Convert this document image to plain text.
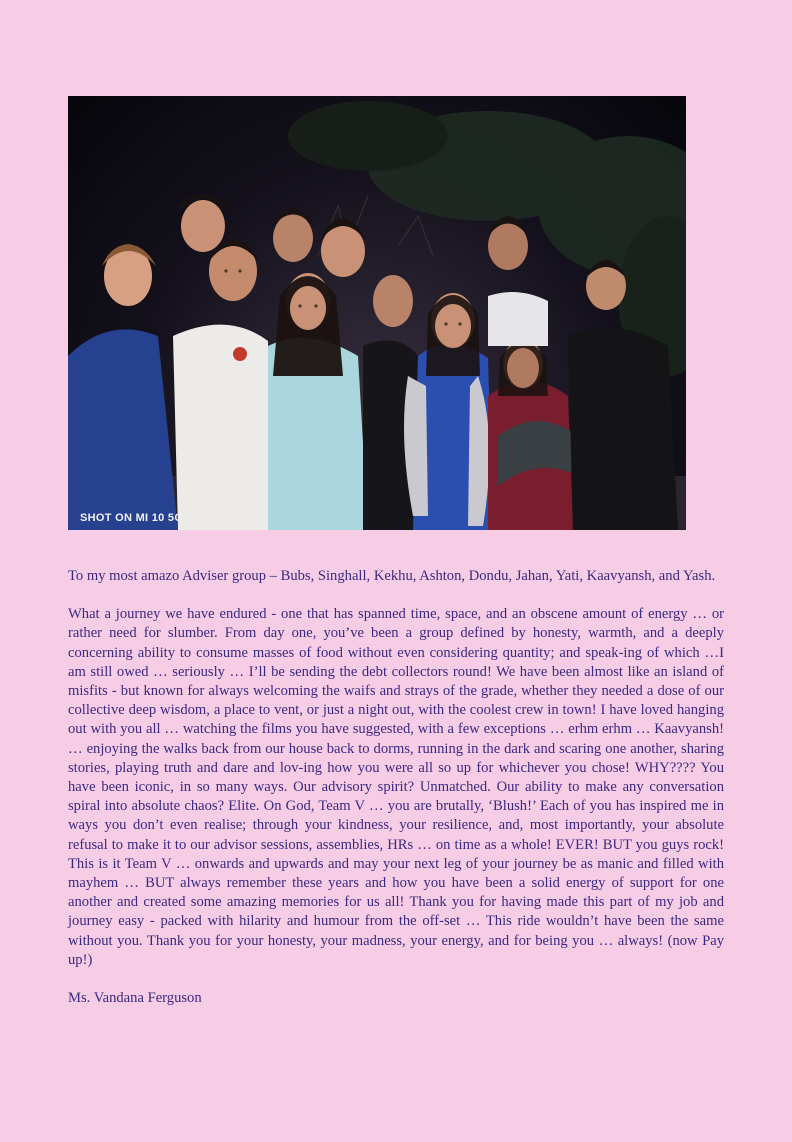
SHOT ON MI 10 5G

To my most amazo Adviser group – Bubs, Singhall, Kekhu, Ashton, Dondu, Jahan, Yati, Kaavyansh, and Yash.

What a journey we have endured - one that has spanned time, space, and an obscene amount of energy … or rather need for slumber. From day one, you’ve been a group defined by honesty, warmth, and a deeply concerning ability to consume masses of food without even considering quantity; and speak-ing of which …I am still owed … seriously … I’ll be sending the debt collectors round! We have been almost like an island of misfits - but known for always welcoming the waifs and strays of the grade, whether they needed a dose of our collective deep wisdom, a place to vent, or just a night out, with the coolest crew in town! I have loved hanging out with you all … watching the films you have suggested, with a few exceptions … erhm erhm … Kaavyansh! … enjoying the walks back from our house back to dorms, running in the dark and scaring one another, sharing stories, playing truth and dare and lov-ing how you were all so up for whichever you chose! WHY???? You have been iconic, in so many ways. Our advisory spirit? Unmatched. Our ability to make any conversation spiral into absolute chaos? Elite. On God, Team V … you are brutally, ‘Blush!’ Each of you has inspired me in ways you don’t even realise; through your kindness, your resilience, and, most importantly, your absolute refusal to make it to our advisor sessions, assemblies, HRs … on time as a whole! EVER! BUT you guys rock! This is it Team V … onwards and upwards and may your next leg of your journey be as manic and filled with mayhem … BUT always remember these years and how you have been a solid energy of support for one another and created some amazing memories for us all! Thank you for having made this part of my job and journey easy - packed with hilarity and humour from the off-set … This ride wouldn’t have been the same without you. Thank you for your honesty, your madness, your energy, and for being you … always! (now Pay up!)

Ms. Vandana Ferguson
